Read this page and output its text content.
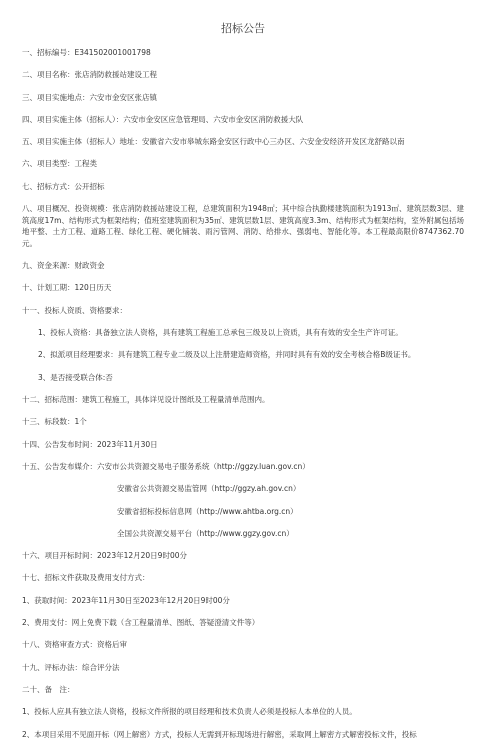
招标公告
一、招标编号：E341502001001798
二、项目名称：张店消防救援站建设工程
三、项目实施地点：六安市金安区张店镇
四、项目实施主体（招标人）：六安市金安区应急管理局、六安市金安区消防救援大队
五、项目实施主体（招标人）地址：安徽省六安市皋城东路金安区行政中心三办区、六安金安经济开发区龙舒路以南
六、项目类型：工程类
七、招标方式：公开招标
八、项目概况、投资规模：张店消防救援站建设工程，总建筑面积为1948㎡；其中综合执勤楼建筑面积为1913㎡、建筑层数3层、建筑高度17m、结构形式为框架结构；值班室建筑面积为35㎡、建筑层数1层、建筑高度3.3m、结构形式为框架结构，室外附属包括场地平整、土方工程、道路工程、绿化工程、硬化铺装、雨污管网、消防、给排水、强弱电、智能化等。本工程最高限价8747362.70元。
九、资金来源：财政资金
十、计划工期：120日历天
十一、投标人资质、资格要求：
1、投标人资格：具备独立法人资格，具有建筑工程施工总承包三级及以上资质，具有有效的安全生产许可证。
2、拟派项目经理要求：具有建筑工程专业二级及以上注册建造师资格，并同时具有有效的安全考核合格B级证书。
3、是否接受联合体:否
十二、招标范围：建筑工程施工，具体详见设计图纸及工程量清单范围内。
十三、标段数：1个
十四、公告发布时间：2023年11月30日
十五、公告发布媒介：六安市公共资源交易电子服务系统（http://ggzy.luan.gov.cn）
安徽省公共资源交易监管网（http://ggzy.ah.gov.cn）
安徽省招标投标信息网（http://www.ahtba.org.cn）
全国公共资源交易平台（http://www.ggzy.gov.cn）
十六、项目开标时间：2023年12月20日9时00分
十七、招标文件获取及费用支付方式：
1、获取时间：2023年11月30日至2023年12月20日9时00分
2、费用支付：网上免费下载（含工程量清单、图纸、答疑澄清文件等）
十八、资格审查方式：资格后审
十九、评标办法：综合评分法
二十、备　注：
1、投标人应具有独立法人资格，投标文件所报的项目经理和技术负责人必须是投标人本单位的人员。
2、本项目采用不见面开标（网上解密）方式，投标人无需到开标现场进行解密，采取网上解密方式解密投标文件，投标
